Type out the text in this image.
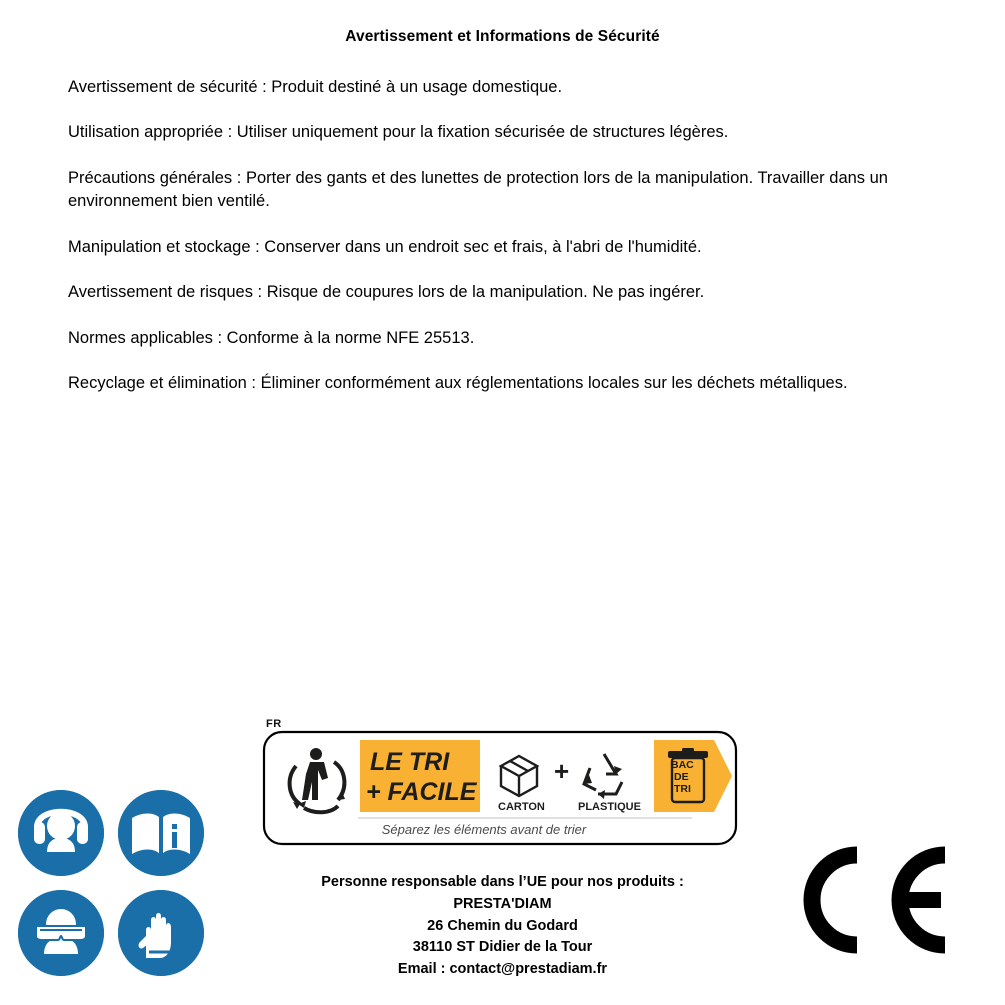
Avertissement et Informations de Sécurité

Avertissement de sécurité : Produit destiné à un usage domestique.

Utilisation appropriée : Utiliser uniquement pour la fixation sécurisée de structures légères.

Précautions générales : Porter des gants et des lunettes de protection lors de la manipulation. Travailler dans un environnement bien ventilé.

Manipulation et stockage : Conserver dans un endroit sec et frais, à l'abri de l'humidité.

Avertissement de risques : Risque de coupures lors de la manipulation. Ne pas ingérer.

Normes applicables : Conforme à la norme NFE 25513.

Recyclage et élimination : Éliminer conformément aux réglementations locales sur les déchets métalliques.

FR
LE TRI
+ FACILE
CARTON
+
PLASTIQUE
BAC
DE
TRI
Séparez les éléments avant de trier
Personne responsable dans l’UE pour nos produits :
PRESTA'DIAM
26 Chemin du Godard
38110 ST Didier de la Tour
Email : contact@prestadiam.fr
